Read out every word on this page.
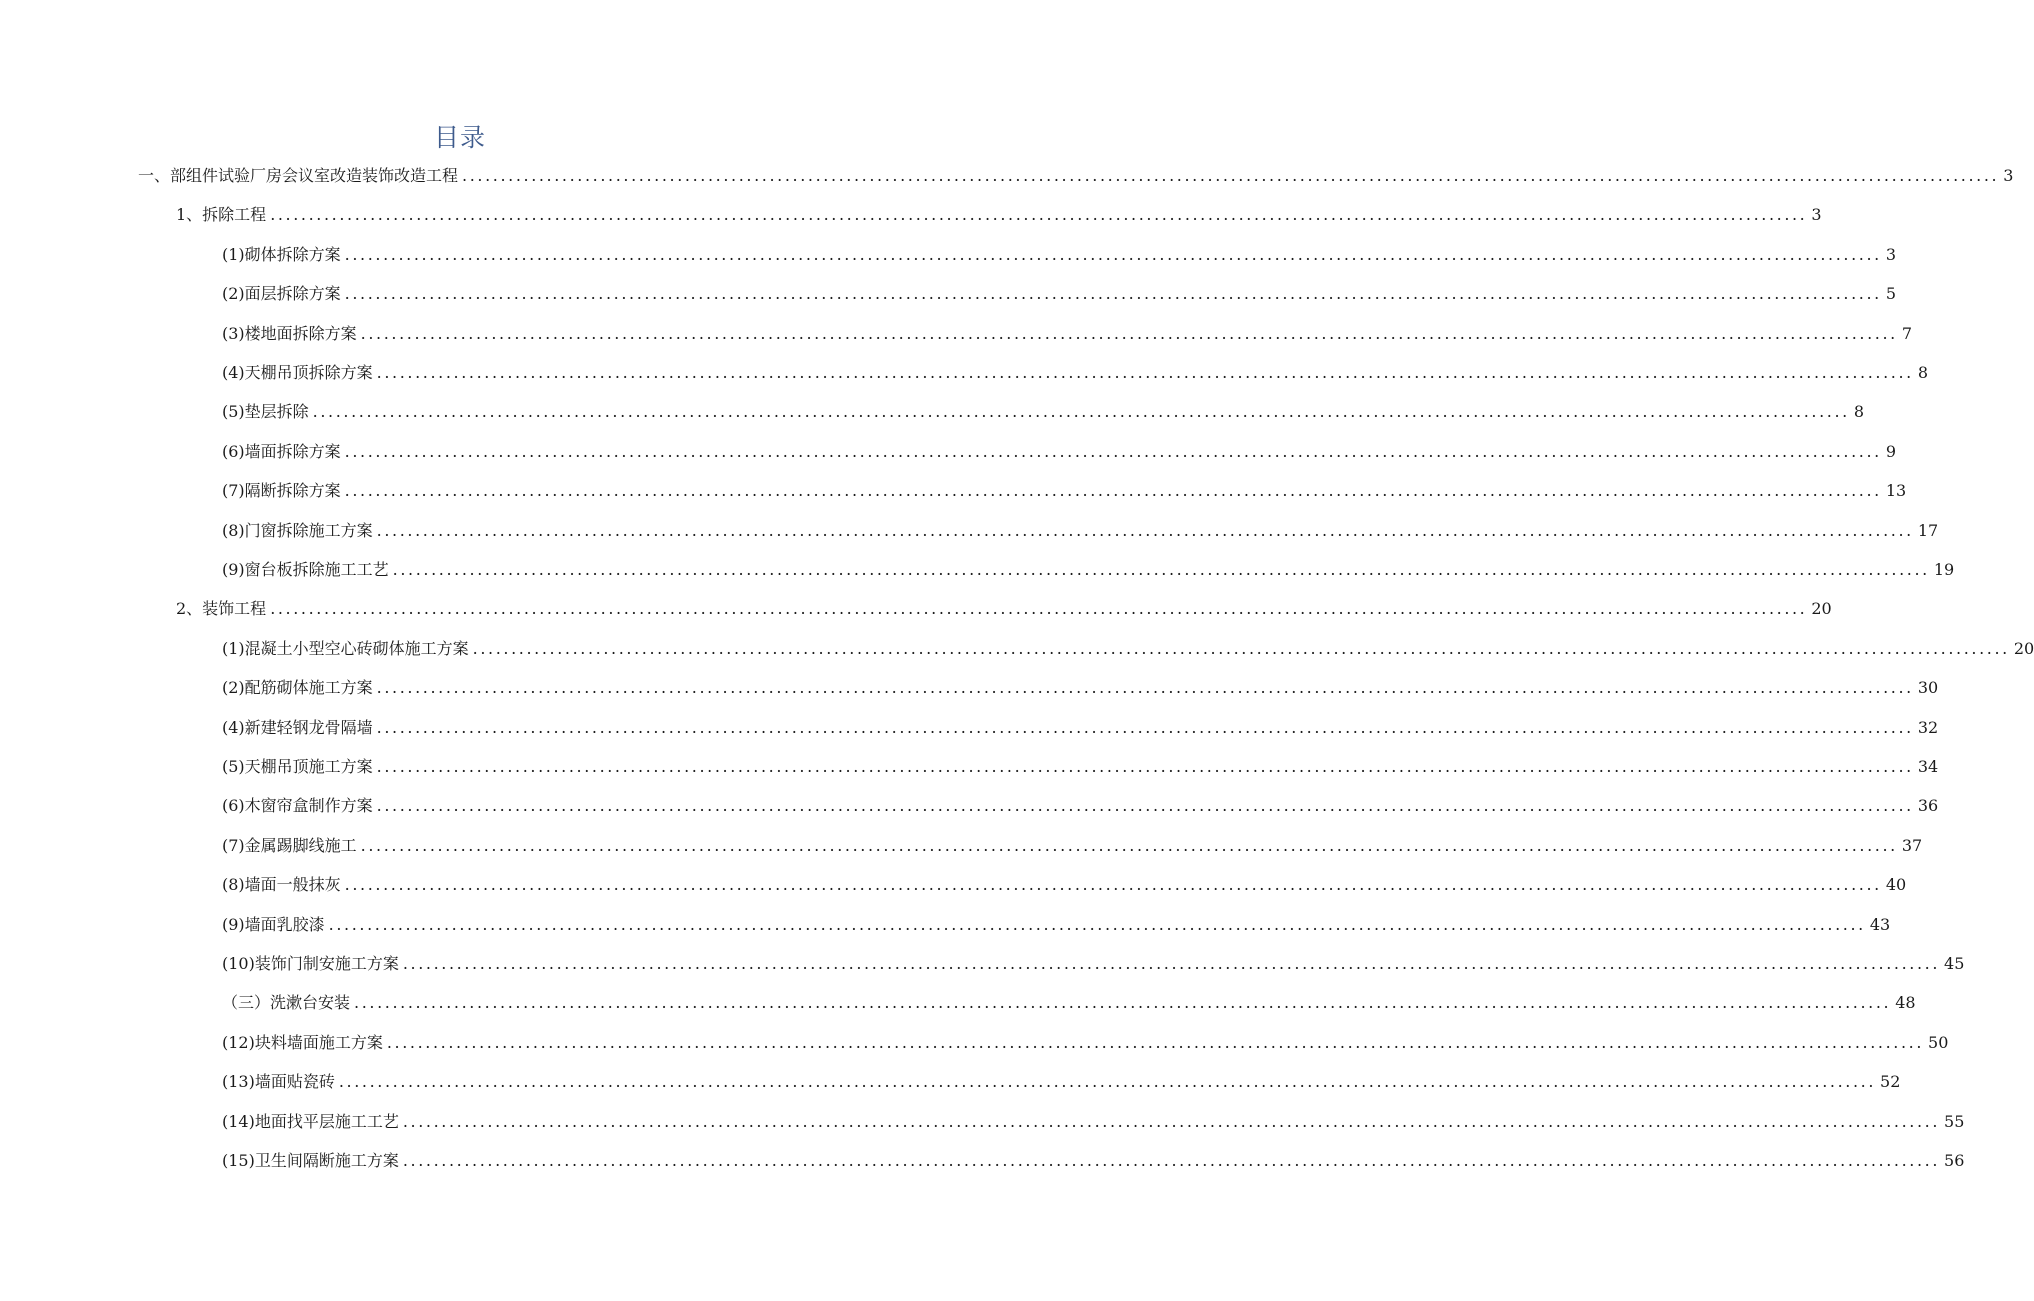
目录
一、部组件试验厂房会议室改造装饰改造工程 ........................................................................................................................................................................................................ 3
1、拆除工程 ........................................................................................................................................................................................................ 3
(1)砌体拆除方案 ........................................................................................................................................................................................................ 3
(2)面层拆除方案 ........................................................................................................................................................................................................ 5
(3)楼地面拆除方案 ........................................................................................................................................................................................................ 7
(4)天棚吊顶拆除方案 ........................................................................................................................................................................................................ 8
(5)垫层拆除 ........................................................................................................................................................................................................ 8
(6)墙面拆除方案 ........................................................................................................................................................................................................ 9
(7)隔断拆除方案 ........................................................................................................................................................................................................ 13
(8)门窗拆除施工方案 ........................................................................................................................................................................................................ 17
(9)窗台板拆除施工工艺 ........................................................................................................................................................................................................ 19
2、装饰工程 ........................................................................................................................................................................................................ 20
(1)混凝土小型空心砖砌体施工方案 ........................................................................................................................................................................................................ 20
(2)配筋砌体施工方案 ........................................................................................................................................................................................................ 30
(4)新建轻钢龙骨隔墙 ........................................................................................................................................................................................................ 32
(5)天棚吊顶施工方案 ........................................................................................................................................................................................................ 34
(6)木窗帘盒制作方案 ........................................................................................................................................................................................................ 36
(7)金属踢脚线施工 ........................................................................................................................................................................................................ 37
(8)墙面一般抹灰 ........................................................................................................................................................................................................ 40
(9)墙面乳胶漆 ........................................................................................................................................................................................................ 43
(10)装饰门制安施工方案 ........................................................................................................................................................................................................ 45
（三）洗漱台安装 ........................................................................................................................................................................................................ 48
(12)块料墙面施工方案 ........................................................................................................................................................................................................ 50
(13)墙面贴瓷砖 ........................................................................................................................................................................................................ 52
(14)地面找平层施工工艺 ........................................................................................................................................................................................................ 55
(15)卫生间隔断施工方案 ........................................................................................................................................................................................................ 56
